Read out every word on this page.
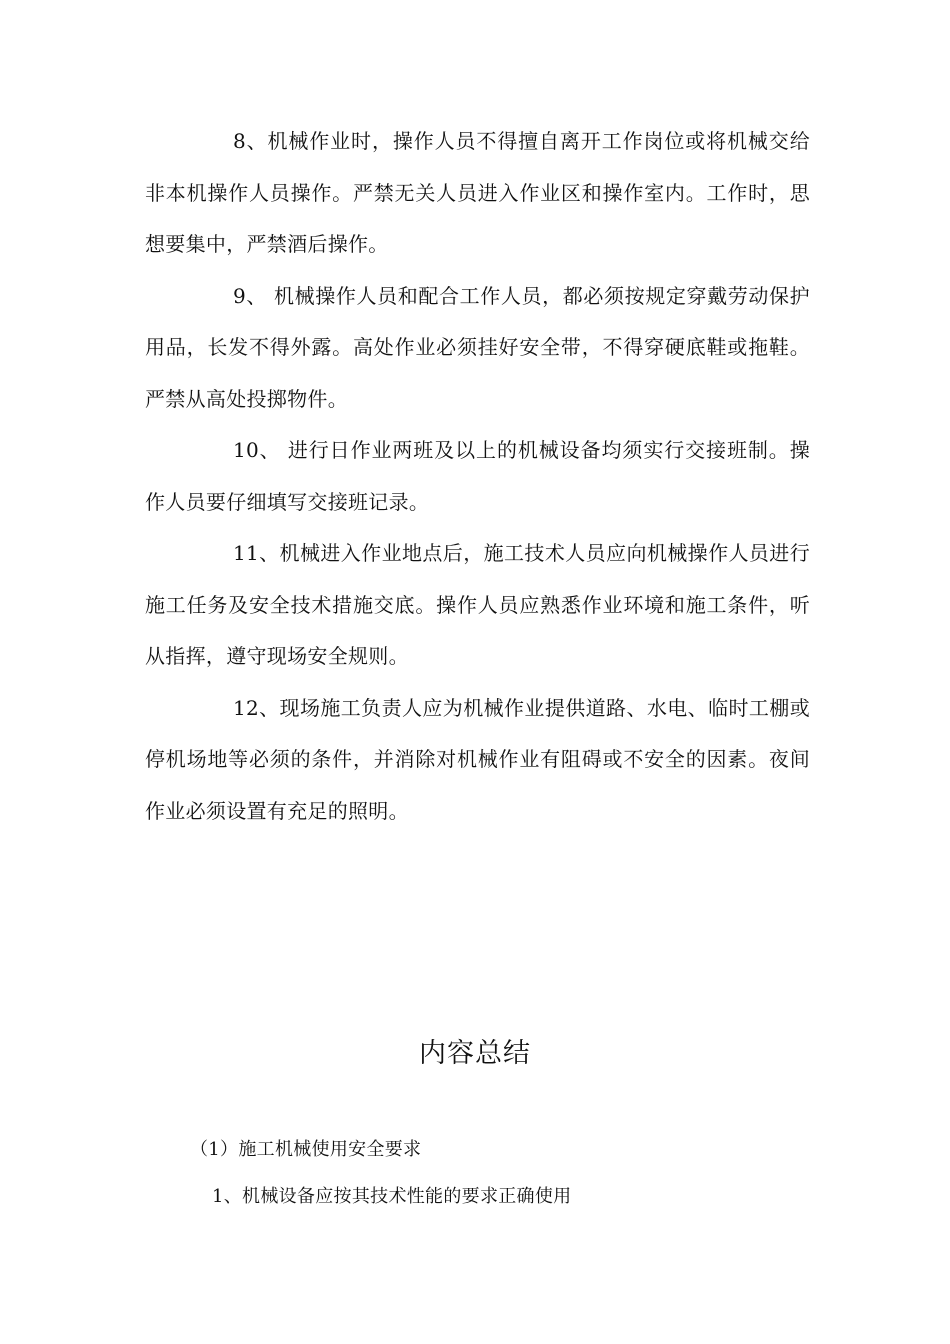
8、机械作业时，操作人员不得擅自离开工作岗位或将机械交给非本机操作人员操作。严禁无关人员进入作业区和操作室内。工作时，思想要集中，严禁酒后操作。

9、 机械操作人员和配合工作人员，都必须按规定穿戴劳动保护用品，长发不得外露。高处作业必须挂好安全带，不得穿硬底鞋或拖鞋。严禁从高处投掷物件。

10、 进行日作业两班及以上的机械设备均须实行交接班制。操作人员要仔细填写交接班记录。

11、机械进入作业地点后，施工技术人员应向机械操作人员进行施工任务及安全技术措施交底。操作人员应熟悉作业环境和施工条件，听从指挥，遵守现场安全规则。

12、现场施工负责人应为机械作业提供道路、水电、临时工棚或停机场地等必须的条件，并消除对机械作业有阻碍或不安全的因素。夜间作业必须设置有充足的照明。

内容总结

（1）施工机械使用安全要求

1、机械设备应按其技术性能的要求正确使用
